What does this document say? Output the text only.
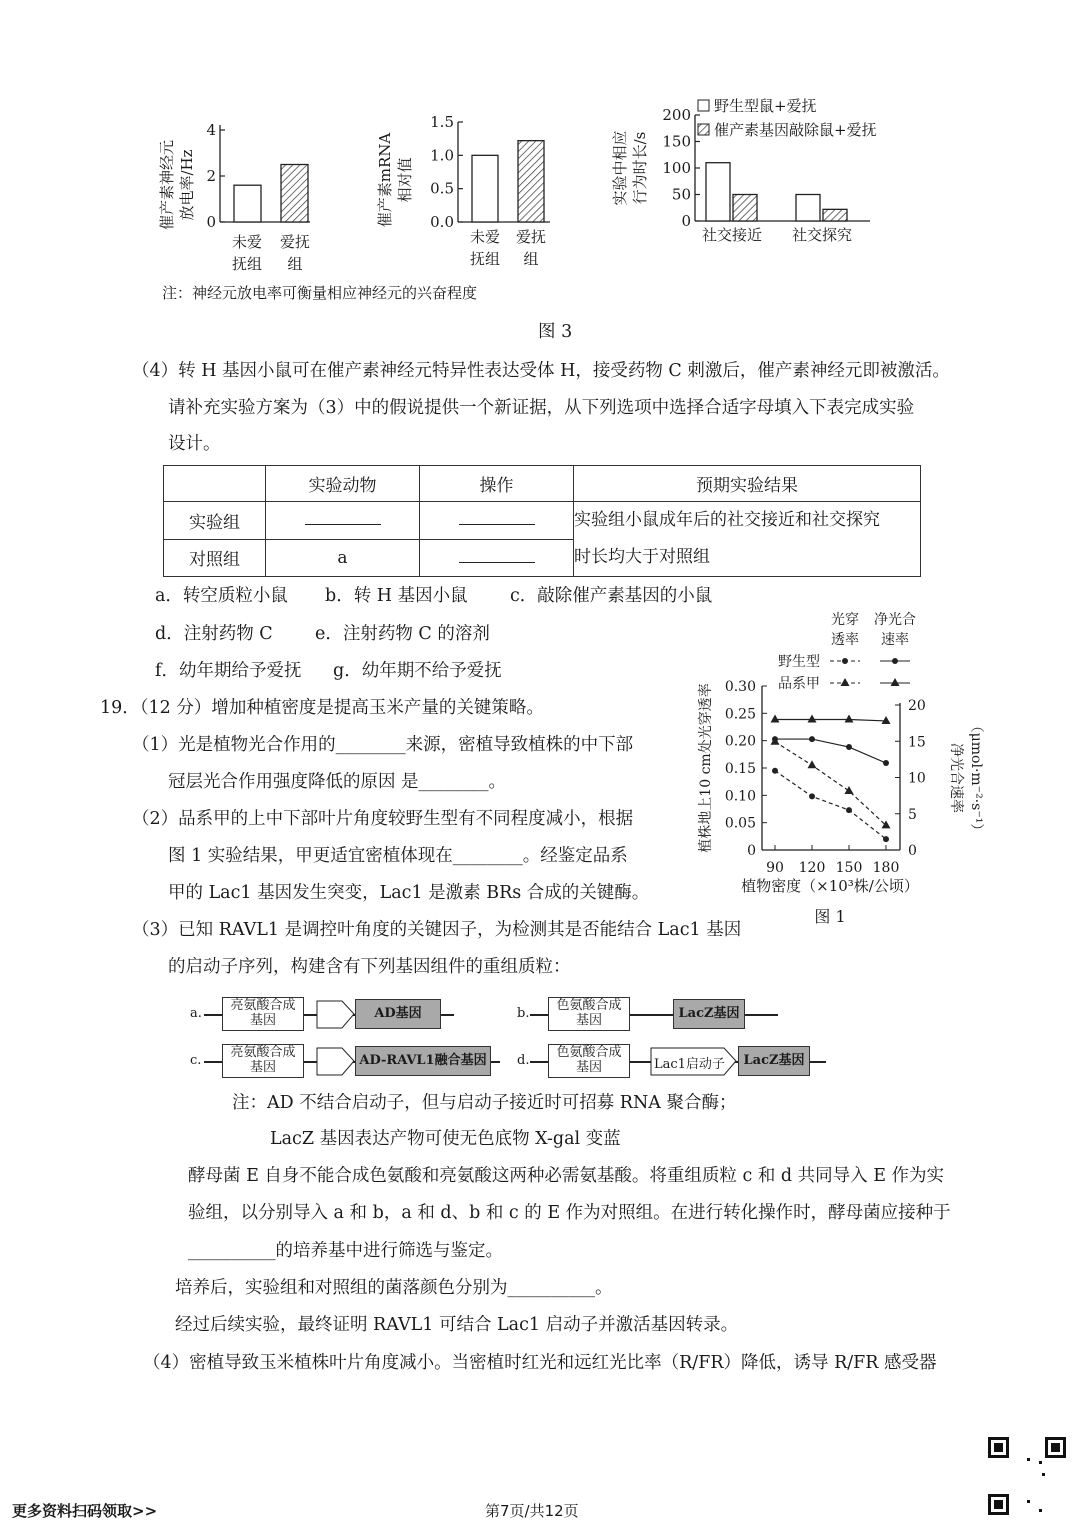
催产素神经元 放电率/Hz
0
2
4
未爱
抚组
爱抚
组
催产素mRNA 相对值
0.0
0.5
1.0
1.5
未爱
抚组
爱抚
组
实验中相应 行为时长/s
0
50
100
150
200
社交接近 社交探究
野生型鼠+爱抚
催产素基因敲除鼠+爱抚
注：神经元放电率可衡量相应神经元的兴奋程度
图 3
（4）转 H 基因小鼠可在催产素神经元特异性表达受体 H，接受药物 C 刺激后，催产素神经元即被激活。
请补充实验方案为（3）中的假说提供一个新证据，从下列选项中选择合适字母填入下表完成实验
设计。
	实验动物	操作	预期实验结果
实验组			实验组小鼠成年后的社交接近和社交探究
时长均大于对照组

对照组	a		
a．转空质粒小鼠 b．转 H 基因小鼠 c．敲除催产素基因的小鼠
d．注射药物 C e．注射药物 C 的溶剂
f．幼年期给予爱抚 g．幼年期不给予爱抚
19．（12 分）增加种植密度是提高玉米产量的关键策略。
（1）光是植物光合作用的________来源，密植导致植株的中下部
冠层光合作用强度降低的原因 是________。
（2）品系甲的上中下部叶片角度较野生型有不同程度减小，根据
图 1 实验结果，甲更适宜密植体现在________。经鉴定品系
甲的 Lac1 基因发生突变，Lac1 是激素 BRs 合成的关键酶。
（3）已知 RAVL1 是调控叶角度的关键因子，为检测其是否能结合 Lac1 基因
的启动子序列，构建含有下列基因组件的重组质粒：
光穿
透率
净光合
速率
野生型
品系甲
0
0.05
0.10
0.15
0.20
0.25
0.30
0
5
10
15
20
90 120 150 180
植株地上10 cm处光穿透率	净光合速率 （μmol·m⁻²·s⁻¹）
植物密度（×10³株/公顷）
图 1
a.
亮氨酸合成
基因	AD基因	b.
色氨酸合成
基因	LacZ基因
c.
亮氨酸合成
基因	AD-RAVL1融合基因	d.
色氨酸合成
基因	Lac1启动子	LacZ基因
注：AD 不结合启动子，但与启动子接近时可招募 RNA 聚合酶；
LacZ 基因表达产物可使无色底物 X-gal 变蓝
酵母菌 E 自身不能合成色氨酸和亮氨酸这两种必需氨基酸。将重组质粒 c 和 d 共同导入 E 作为实
验组，以分别导入 a 和 b，a 和 d、b 和 c 的 E 作为对照组。在进行转化操作时，酵母菌应接种于
__________的培养基中进行筛选与鉴定。
培养后，实验组和对照组的菌落颜色分别为__________。
经过后续实验，最终证明 RAVL1 可结合 Lac1 启动子并激活基因转录。
（4）密植导致玉米植株叶片角度减小。当密植时红光和远红光比率（R/FR）降低，诱导 R/FR 感受器
更多资料扫码领取>>	第7页/共12页
